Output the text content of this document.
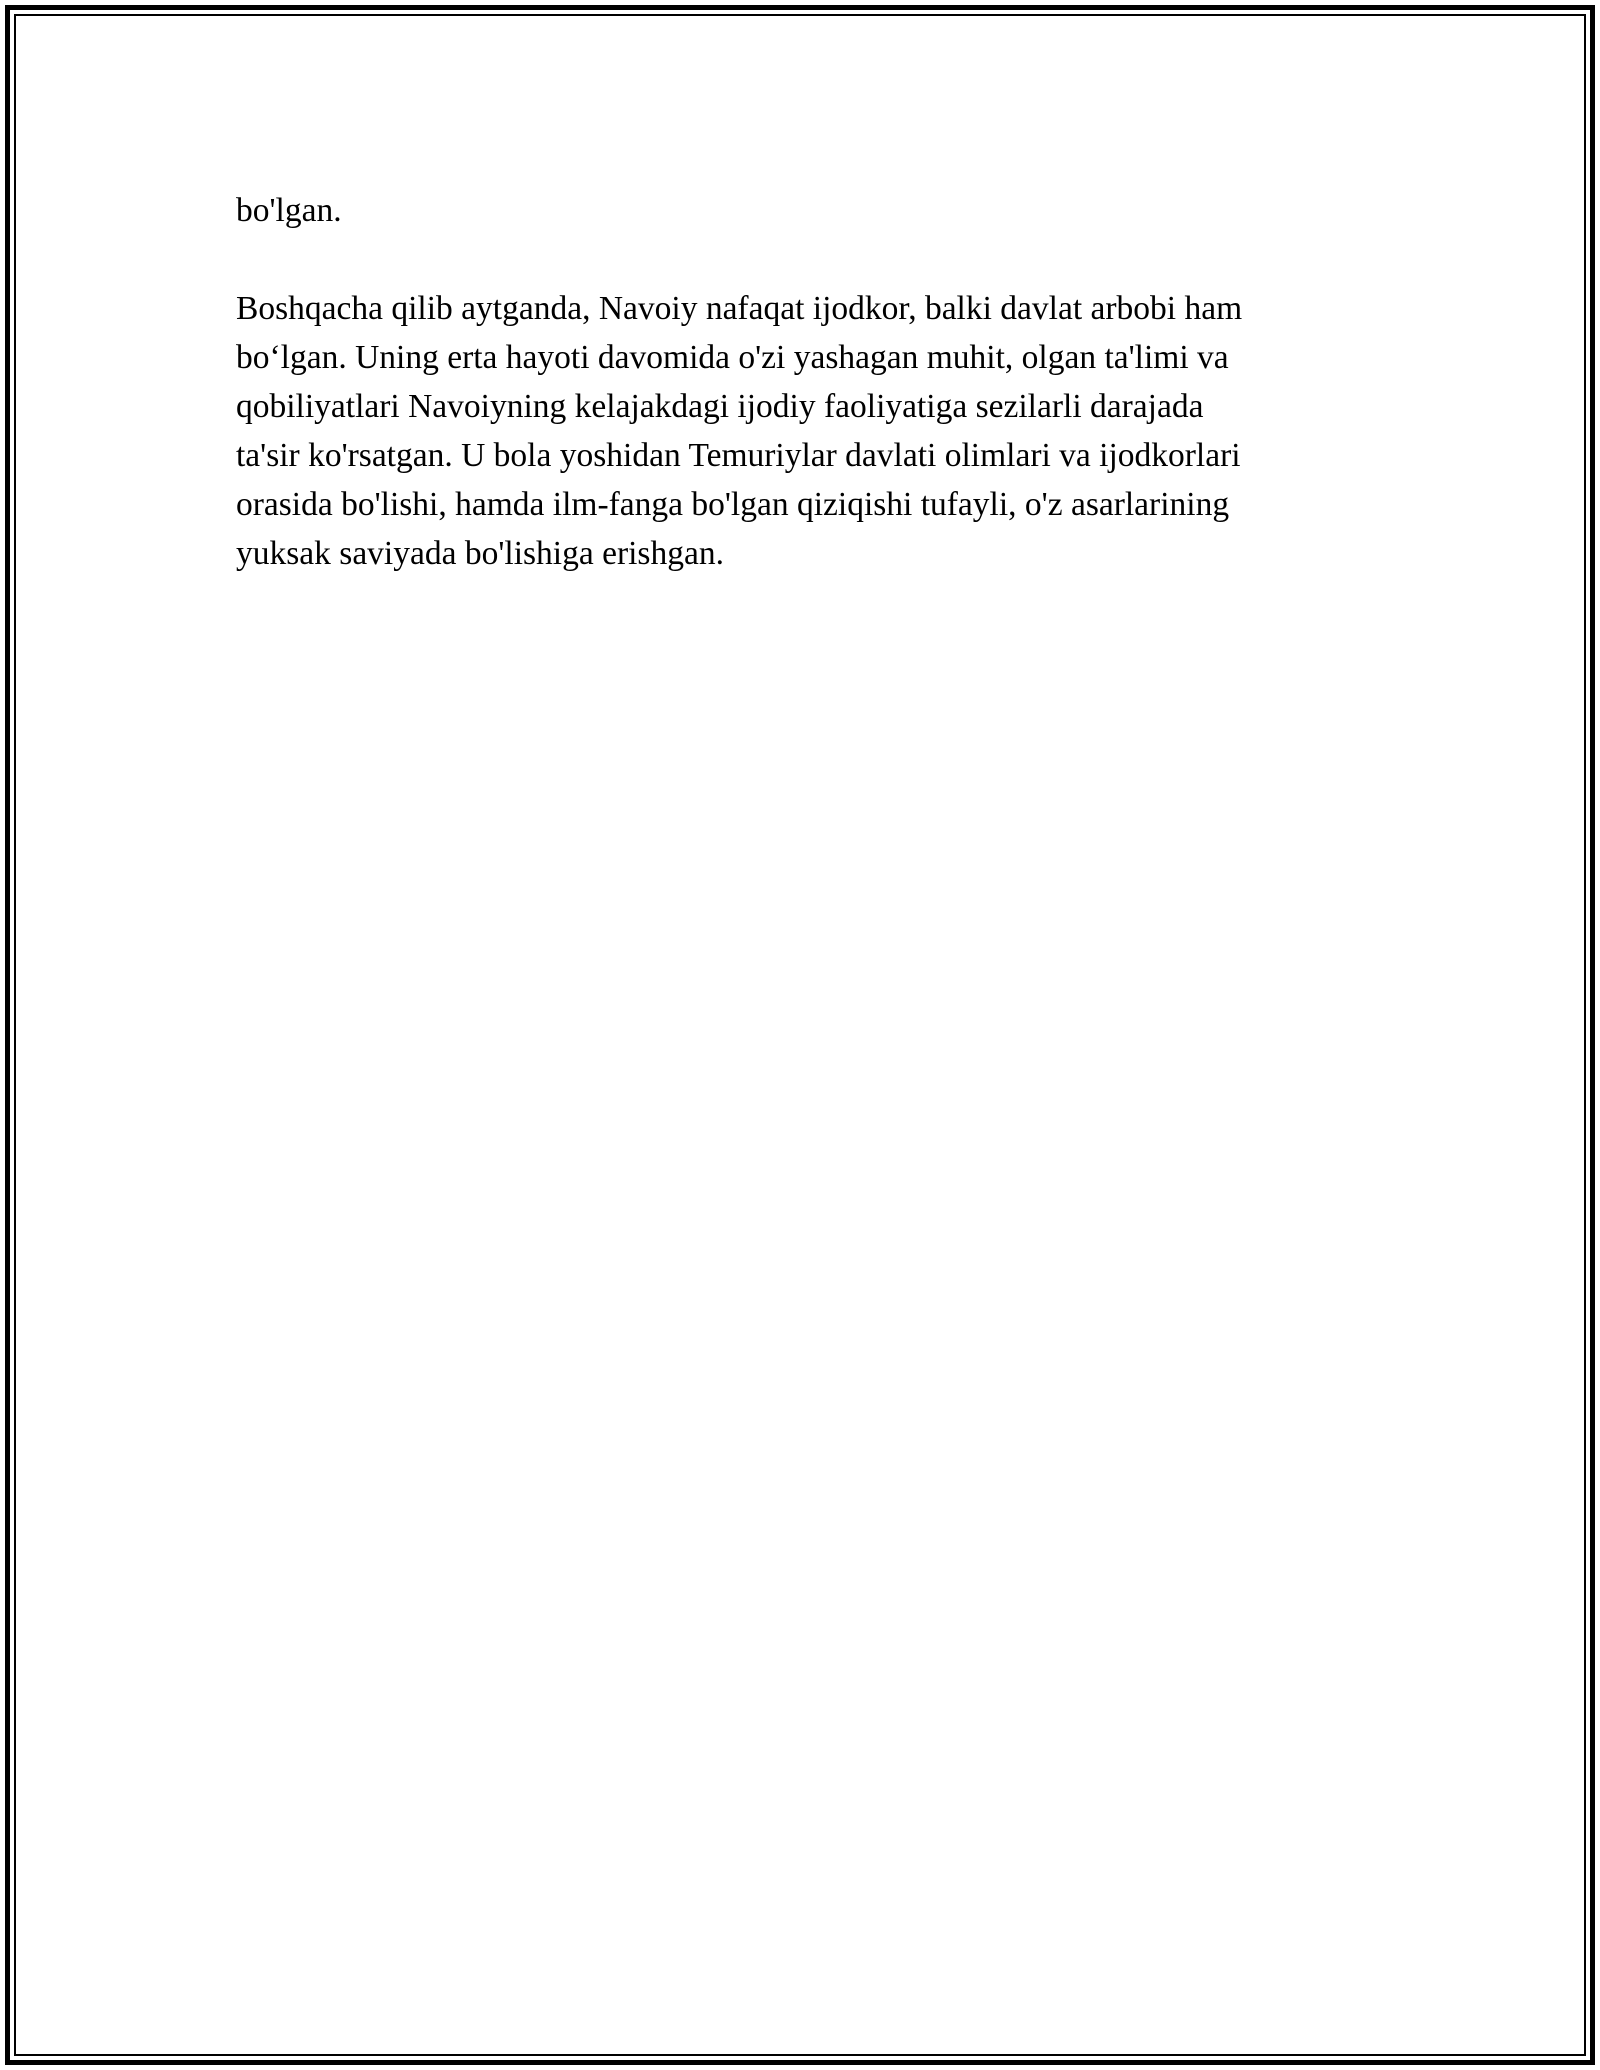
bo'lgan.

Boshqacha qilib aytganda, Navoiy nafaqat ijodkor, balki davlat arbobi ham
bo‘lgan. Uning erta hayoti davomida o'zi yashagan muhit, olgan ta'limi va
qobiliyatlari Navoiyning kelajakdagi ijodiy faoliyatiga sezilarli darajada
ta'sir ko'rsatgan. U bola yoshidan Temuriylar davlati olimlari va ijodkorlari
orasida bo'lishi, hamda ilm-fanga bo'lgan qiziqishi tufayli, o'z asarlarining
yuksak saviyada bo'lishiga erishgan.
